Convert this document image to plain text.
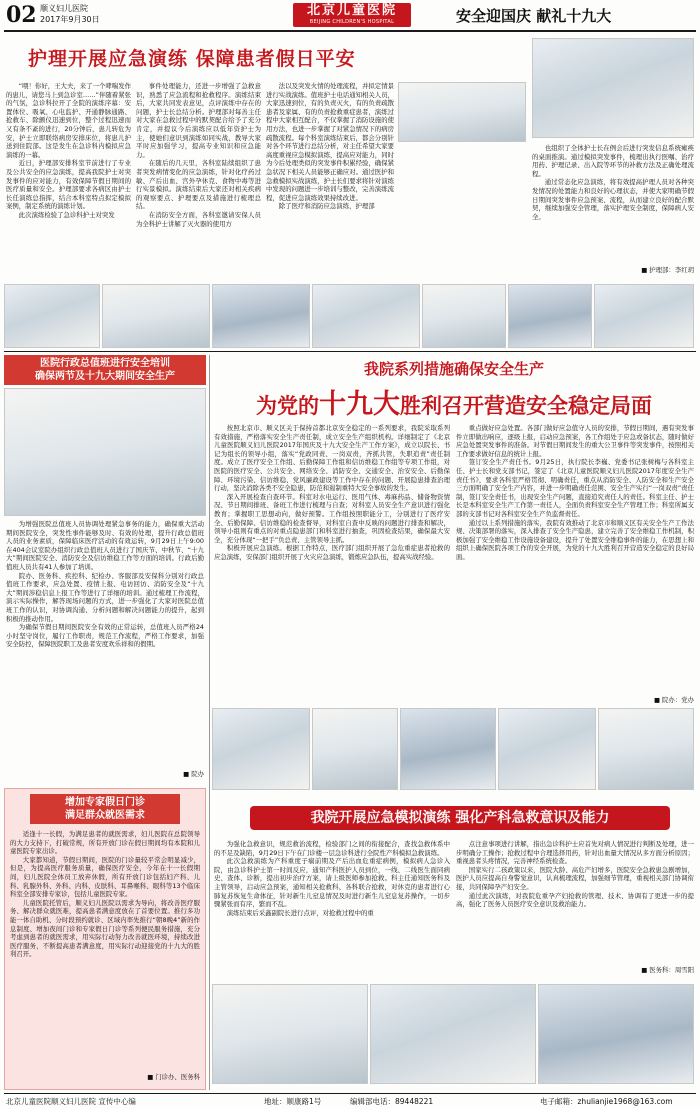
02 顺义妇儿医院
2017年9月30日
北京儿童医院
BEIJING CHILDREN'S HOSPITAL	安全迎国庆 献礼十九大
护理开展应急演练 保障患者假日平安

“喂！你好，王大夫，来了一个哮喘发作的患儿，请您马上到急诊室……”伴随着紧张的气氛，急诊科拉开了全院的演练序幕：安置体位、吸氧、心电监护、开通静脉通路、抢救车、除颤仪迅速到位，整个过程迅速而又有条不紊的进行，20分钟后，患儿转危为安，护士立即联络病房安排床位，将患儿护送到住院部。这是发生在急诊科内模拟应急演练的一幕。

近日，护理部安排科室节前进行了专业及公共安全的应急演练，提高我院护士对突发事件的应对能力，有效保障节假日期间的医疗质量和安全。护理部要求各病区由护士长任演练总指挥，结合本科室特点拟定模拟案例，制定系统的演练计划。

此次演练检验了急诊科护士对突发

事件处理能力，还进一步增强了急救意识，熟悉了应急流程和抢救程序。演练结束后，大家共同发表意见，点评演练中存在的问题，护士长总结分析。护理部对每善主任对大家在急救过程中的默契配合给予了充分肯定，并提议今后演练应以低年资护士为主，使她们意识到演练如同实战，教导大家平时应加强学习，提高专业知识和应急能力。

在随后的几天里，各科室陆续组织了患者突发病情变化的应急演练，针对化疗药过敏、产后出血、宫外孕休克、食物中毒等进行实景模拟。演练结束后大家还对相关疾病的观察要点、护理要点及措施进行梳理总结。

在消防安全方面，各科室邀请安保人员为全科护士讲解了灭火器的使用方

法以及突发火情的处理流程，并拟定情景进行实战演练。值班护士电话通知相关人员，大家迅速到位，有的负责灭火，有的负责疏散患者及家属、有的负责抢救重症患者，演练过程中大家相互配合，不仅掌握了消防设施的使用方法，也进一步掌握了对紧急情况下的病房疏散流程。每个科室演练结束后，都会分别针对各个环节进行总结分析，对主任希望大家要高度重视应急模拟演练，提高应对能力，同时为今后处理类似的突发事件积累经验，确保紧急状况下相关人员能够正确应对。通过医护和急救模拟实战演练，护士长们要求将针对演练中发现的问题进一步培训与整改，完善演练流程，促进应急演练效果持续改进。

除了医疗和消防应急演练，护理部

也组织了全体护士长在例会后进行突发信息系统瘫痪的桌面推演。通过模拟突发事件，梳理出执行医嘱、治疗用药、护理记录、出入院等环节的补救方法及正确处理流程。

通过常态化应急演练，将有效提高护理人员对各种突发情况的处置能力和良好的心理状态，并使大家明确节假日期间突发事件应急预案、流程，从而建立良好的配合默契，继续加强安全管理，落实护理安全制度，保障病人安全。

■ 护理部：李红玥

医院行政总值班进行安全培训
确保两节及十九大期间安全生产

为增强医院总值班人员协调处理紧急事务的能力，确保重大活动期间医院安全，突发性事件能够及时、有效的处理，提升行政总值班人员的业务素质，保障临床医疗活动的有效运转，9月29日上午9:00在404会议室院办组织行政总值班人员进行了国庆节、中秋节、“十九大”期间医院安全、消防安全及信访维稳工作等方面的培训。行政后勤值班人员共有41人参加了培训。

院办、医务科、疾控科、纪检办、客服部及安保科分别对行政总值班工作要求，应急处置、疫情上报、电访回访、消防安全及“十九大”期间涉稳信息上报工作等进行了详细的培训。通过梳理工作流程，演示实际操作，解答现场问题的方式，进一步强化了大家对医院总值班工作的认识，对协调沟通、分析问题和解决问题能力的提升，起到积极的推动作用。

为确保节假日期间医院安全有效的正常运转，总值班人员严格24小时坚守岗位，履行工作职责，规范工作流程，严格工作要求，加强安全防控，保障医院职工及患者安度欢乐祥和的假期。

■ 院办

增加专家假日门诊
满足群众就医需求

适逢十一长假，为满足患者的就医需求，妇儿医院在总院领导的大力支持下，打破常规，所有开放门诊在假日期间均有本院和儿童医院专家出诊。

大家都知道，节假日期间，医院的门诊量较平常会明显减少，但是，为提高医疗服务质量，确保医疗安全，今年在十一长假期间，妇儿医院全体员工放弃休假，所有开放门诊包括妇产科、儿科、乳腺外科、外科、内科、皮肤科、耳鼻喉科、眼科等13个临床科室全部安排专家诊，包括儿童医院专家。

儿童医院托管后，顺义妇儿医院以需求为导向，将改善医疗服务、解决群众就医难，提高患者满意度放在了首要位置。推行多功能一体自助机、分时段预约就诊、区域内率先推行“朝8晚4”新的作息制度、增加夜间门诊和专家假日门诊等系列便民服务措施，充分考虑到患者的就医需求，用实际行动努力改善就医环境，持续改进医疗服务，不断提高患者满意度，用实际行动迎接党的十九大的胜利召开。

■ 门诊办、医务科

我院系列措施确保安全生产
为党的十九大胜利召开营造安全稳定局面

按照北京市、顺义区关于保持首都北京安全稳定的一系列要求，我院采取系列有效措施，严格落实安全生产责任制，成立安全生产组织机构。详细制定了《北京儿童医院顺义妇儿医院2017年国庆及十九大安全生产工作方案》，成立以院长、书记为组长的领导小组，落实“党政同责、一岗双责，齐抓共管，失职追责”责任制度。成立了医疗安全工作组、后勤保障工作组和信访维稳工作组等专项工作组，对医院的医疗安全、公共安全、网络安全、消防安全、交通安全、治安安全、后勤保障、环境污染、信访维稳、党风廉政建设等工作中存在的问题、开展隐患排查治理行动，坚决消除各类不安全隐患，防范和遏制重特大安全事故的发生。

深入开展检查自查环节。科室对水电运行、医用气体、毒麻药品、储备物资情况、节日期间排班、备班工作进行梳理与自查；对科室人员安全生产意识进行强化教育；掌握职工思想动向，做好预警。工作组按照职能分工，分别进行了医疗安全、后勤保障、信访维稳的检查督导，对科室自查中反映的问题进行排查和解决，领导小组则有重点的对重点隐患部门和科室进行抽查，巩固检查结果，确保最大安全，充分体现“一把手”负总责、主管领导主抓。

积极开展应急演练。根据工作特点，医疗部门组织开展了急危重症患者抢救的应急演练，安保部门组织开展了火灾应急演练，锻炼应急队伍，提高实战经验。

重点做好应急处置。各部门做好应急值守人员的安排，节假日期间，遇有突发事件立即做出响应，逐级上报，启动应急预案，各工作组处于应急或备状态，随时做好应急处置突发事件的准备。对节假日期间发生的重大公卫事件等突发事件，按照相关工作要求做好信息的统计上报。

签订安全生产责任书。9月25日，执行院长李巍、党委书记张树梅与各科室主任、护士长和党支部书记，签定了《北京儿童医院顺义妇儿医院2017年度安全生产责任书》，要求各科室严格贯彻、明确责任，重点从消防安全、人防安全和生产安全三方面明确了安全生产内容，并进一步明确责任范围、安全生产实行“一岗双责”责任制，签订安全责任书，出现安全生产问题，直接追究责任人的责任。科室主任、护士长是本科室安全生产工作第一责任人，全面负责科室安全生产管理工作；科室所属支部的支部书记对各科室安全生产负监督责任。

通过以上系列措施的落实，我院有效推动了北京市和顺义区有关安全生产工作法规、决策部署的落实，深入排查了安全生产隐患，建立完善了安全维稳工作机制，积极加强了安全维稳工作设施设备建设，提升了处置安全维稳事件的能力，在思想上和组织上确保医院各项工作的安全开展，为党的十九大胜利召开营造安全稳定的良好局面。

■ 院办：党办

我院开展应急模拟演练 强化产科急救意识及能力

为强化急救意识，规范救治流程，检验部门之间的衔接配合，查找急救体系中的不足及缺陷，9月29日下午在门诊楼一层急诊科进行全院性产科模拟急救演练。

此次急救演练为产科重度子痫前期及产后出血危重症病例，模拟病人急诊入院，由急诊科护士第一时间反应，通知产科医护人员到位，一线、二线医生面同病史、查体、诊断，提出初步治疗方案，请上级医师参加抢救。科主任通知医务科及主管领导，启动应急预案，通知相关抢救科、各科联合抢救，对休克的患者进行心肺复苏恢复生命体征，针对新生儿窒息情况及时进行新生儿窒息复苏操作，一切步骤紧张而有序，繁而不乱。

演练结束后采鑫副院长进行点评，对抢救过程中的重

点注意事项进行讲解，指出急诊科护士应首先对病人情况进行判断及处理，进一步明确分工操作；抢救过程中合理选择用药，针对出血量大情况从多方面分析原因；重视患者头疼情况，完善神经系统检查。

国家实行二孩政策以来，医院大龄、高危产妇增多，医院安全急救患急剧增加，医护人员应提高自身警觉意识，认真梳理流程，加强细节管理，重视相关部门协调衔接，共同保障孕产妇安全。

通过此次演练，对我院危重孕产妇抢救的管理、技术、协调有了更进一步的提高，强化了医务人员医疗安全意识及救治能力。

■ 医务科：周雪阳

北京儿童医院顺义妇儿医院 宣传中心编	地址：顺康路1号	编辑部电话：89448221	电子邮箱：zhulianjie1968@163.com
